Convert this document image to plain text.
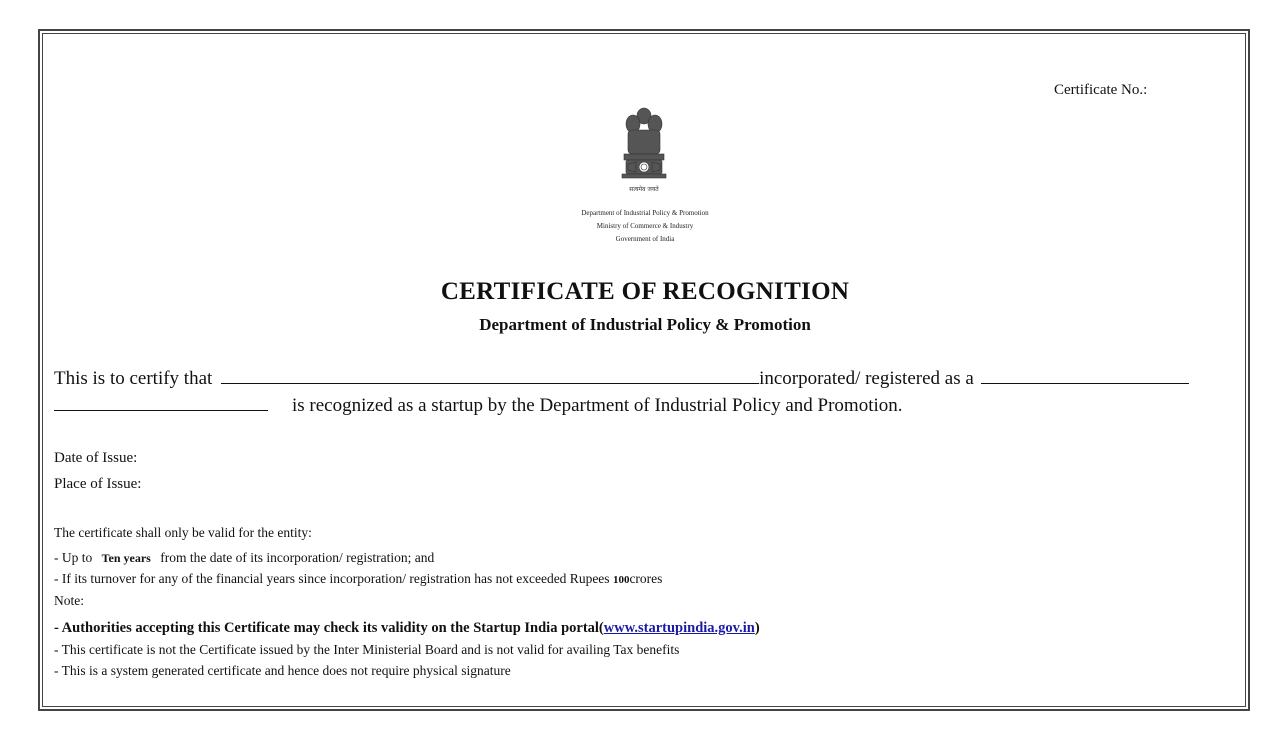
Certificate No.:
सत्यमेव जयते
Department of Industrial Policy & Promotion
Ministry of Commerce & Industry
Government of India
CERTIFICATE OF RECOGNITION
Department of Industrial Policy & Promotion
This is to certify that	incorporated/ registered as a
is recognized as a startup by the Department of Industrial Policy and Promotion.
Date of Issue:
Place of Issue:
The certificate shall only be valid for the entity:
- Up to Ten years from the date of its incorporation/ registration; and
- If its turnover for any of the financial years since incorporation/ registration has not exceeded Rupees 100crores
Note:
- Authorities accepting this Certificate may check its validity on the Startup India portal(www.startupindia.gov.in)
- This certificate is not the Certificate issued by the Inter Ministerial Board and is not valid for availing Tax benefits
- This is a system generated certificate and hence does not require physical signature
